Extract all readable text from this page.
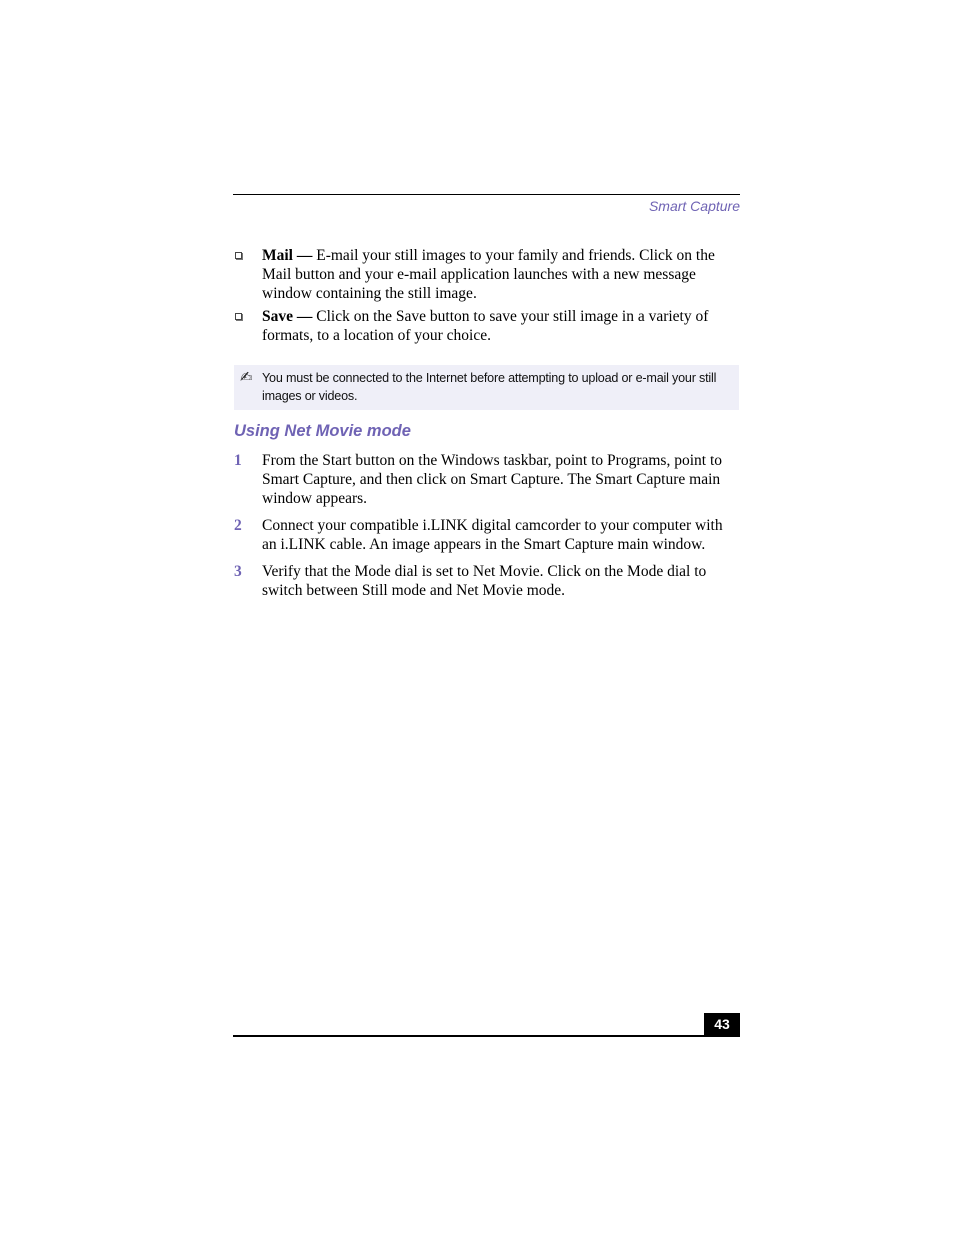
Smart Capture
Mail — E-mail your still images to your family and friends. Click on the Mail button and your e-mail application launches with a new message window containing the still image.
Save — Click on the Save button to save your still image in a variety of formats, to a location of your choice.
✍ You must be connected to the Internet before attempting to upload or e-mail your still images or videos.
Using Net Movie mode
1 From the Start button on the Windows taskbar, point to Programs, point to Smart Capture, and then click on Smart Capture. The Smart Capture main window appears.
2 Connect your compatible i.LINK digital camcorder to your computer with an i.LINK cable. An image appears in the Smart Capture main window.
3 Verify that the Mode dial is set to Net Movie. Click on the Mode dial to switch between Still mode and Net Movie mode.
43
